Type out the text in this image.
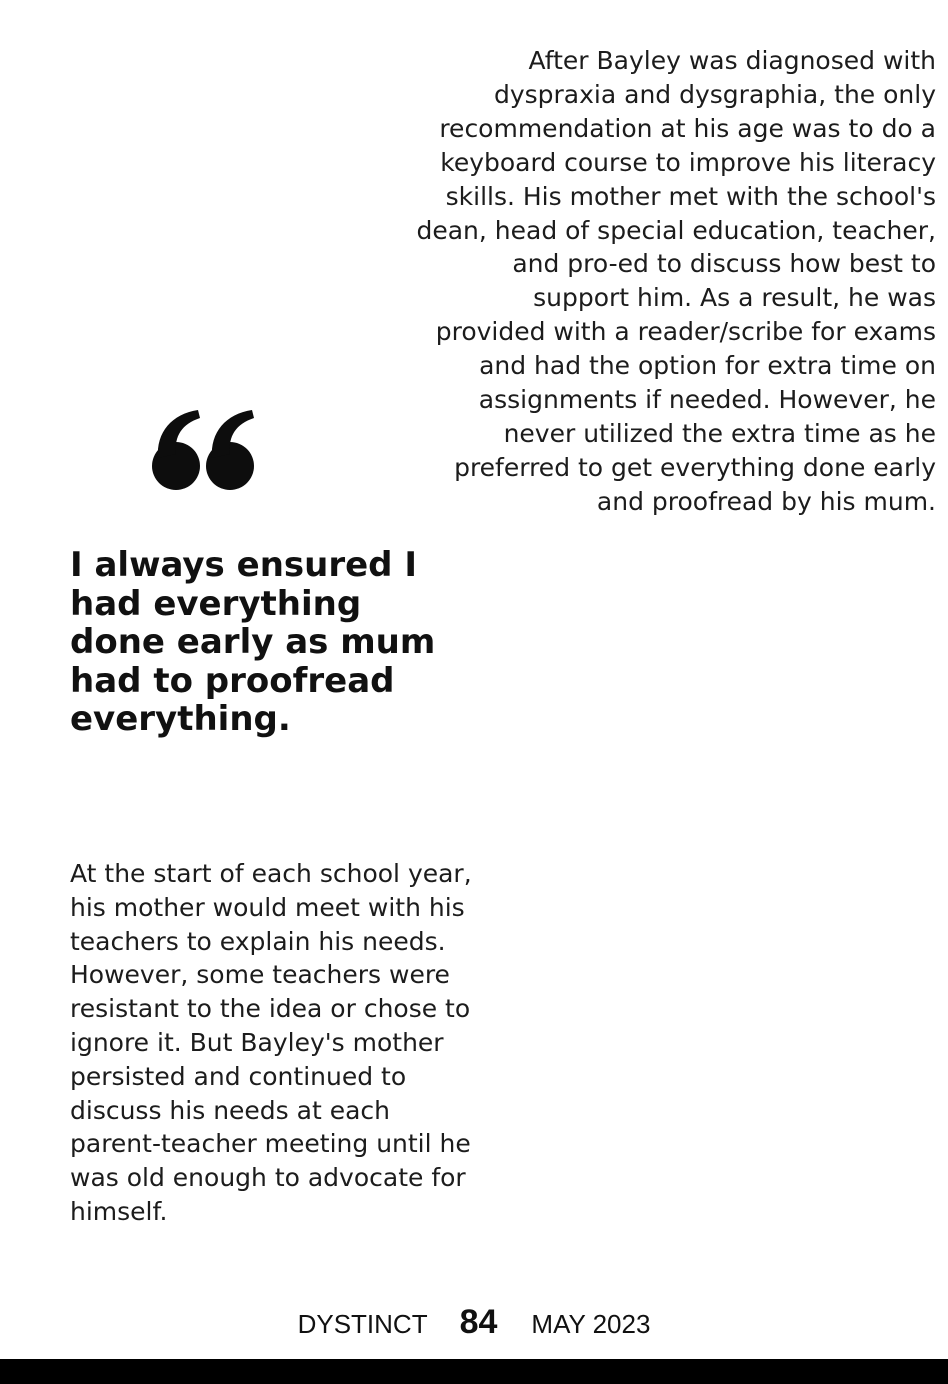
After Bayley was diagnosed with dyspraxia and dysgraphia, the only recommendation at his age was to do a keyboard course to improve his literacy skills. His mother met with the school's dean, head of special education, teacher, and pro-ed to discuss how best to support him. As a result, he was provided with a reader/scribe for exams and had the option for extra time on assignments if needed. However, he never utilized the extra time as he preferred to get everything done early and proofread by his mum.

I always ensured I had everything done early as mum had to proofread everything.

At the start of each school year, his mother would meet with his teachers to explain his needs. However, some teachers were resistant to the idea or chose to ignore it. But Bayley's mother persisted and continued to discuss his needs at each parent-teacher meeting until he was old enough to advocate for himself.

DYSTINCT 84 MAY 2023
